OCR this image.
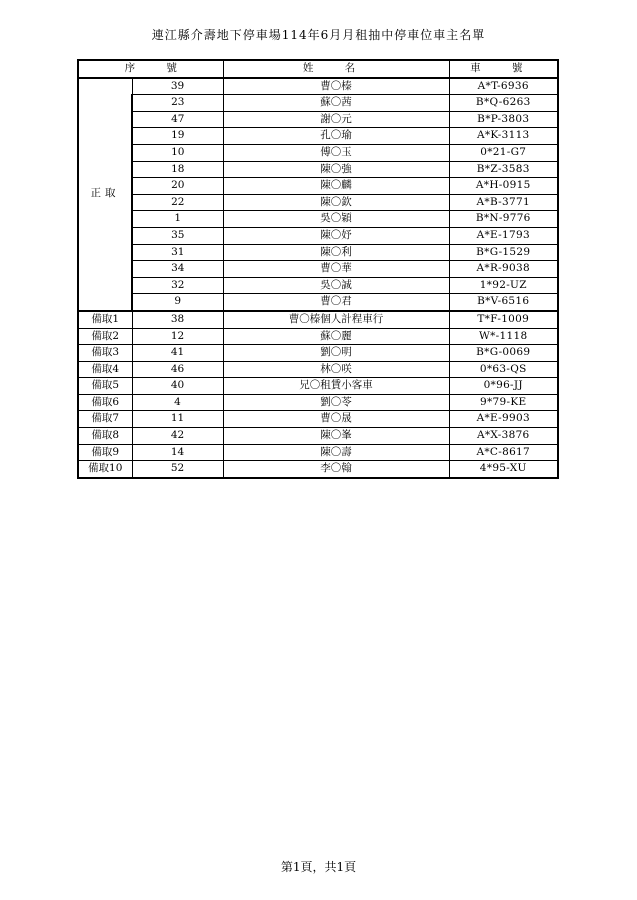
連江縣介壽地下停車場114年6月月租抽中停車位車主名單
序 號		姓 名	車 號
正取	39	曹〇榛	A*T-6936
	23	蘇〇茜	B*Q-6263
	47	謝〇元	B*P-3803
	19	孔〇瑜	A*K-3113
	10	傅〇玉	0*21-G7
	18	陳〇強	B*Z-3583
	20	陳〇麟	A*H-0915
	22	陳〇欽	A*B-3771
	1	吳〇穎	B*N-9776
	35	陳〇妤	A*E-1793
	31	陳〇利	B*G-1529
	34	曹〇華	A*R-9038
	32	吳〇誠	1*92-UZ
	9	曹〇君	B*V-6516
備取1	38	曹〇榛個人計程車行	T*F-1009
備取2	12	蘇〇麗	W*-1118
備取3	41	劉〇明	B*G-0069
備取4	46	林〇咲	0*63-QS
備取5	40	兄〇租賃小客車	0*96-JJ
備取6	4	劉〇苓	9*79-KE
備取7	11	曹〇晟	A*E-9903
備取8	42	陳〇峯	A*X-3876
備取9	14	陳〇壽	A*C-8617
備取10	52	李〇翰	4*95-XU
第1頁，共1頁
